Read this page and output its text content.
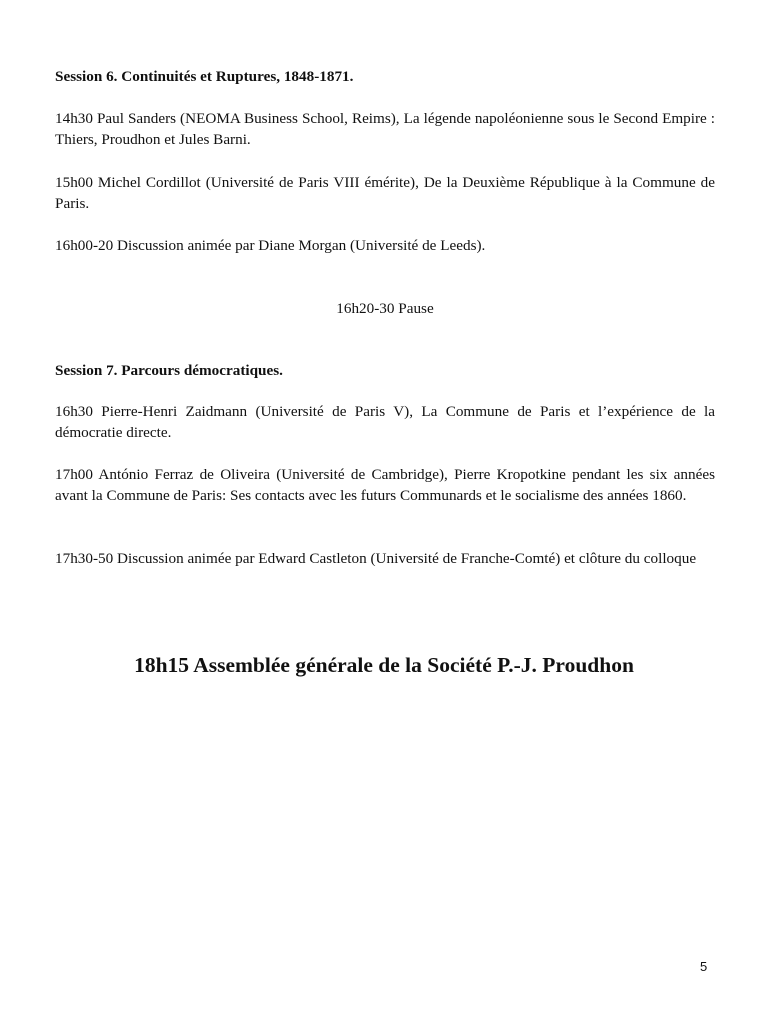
Session 6. Continuités et Ruptures, 1848-1871.

14h30 Paul Sanders (NEOMA Business School, Reims), La légende napoléonienne sous le Second Empire : Thiers, Proudhon et Jules Barni.

15h00 Michel Cordillot (Université de Paris VIII émérite), De la Deuxième République à la Commune de Paris.

16h00-20 Discussion animée par Diane Morgan (Université de Leeds).

16h20-30 Pause

Session 7. Parcours démocratiques.

16h30 Pierre-Henri Zaidmann (Université de Paris V), La Commune de Paris et l’expérience de la démocratie directe.

17h00 António Ferraz de Oliveira (Université de Cambridge), Pierre Kropotkine pendant les six années avant la Commune de Paris: Ses contacts avec les futurs Communards et le socialisme des années 1860.

17h30-50 Discussion animée par Edward Castleton (Université de Franche-Comté) et clôture du colloque

18h15 Assemblée générale de la Société P.-J. Proudhon

5
